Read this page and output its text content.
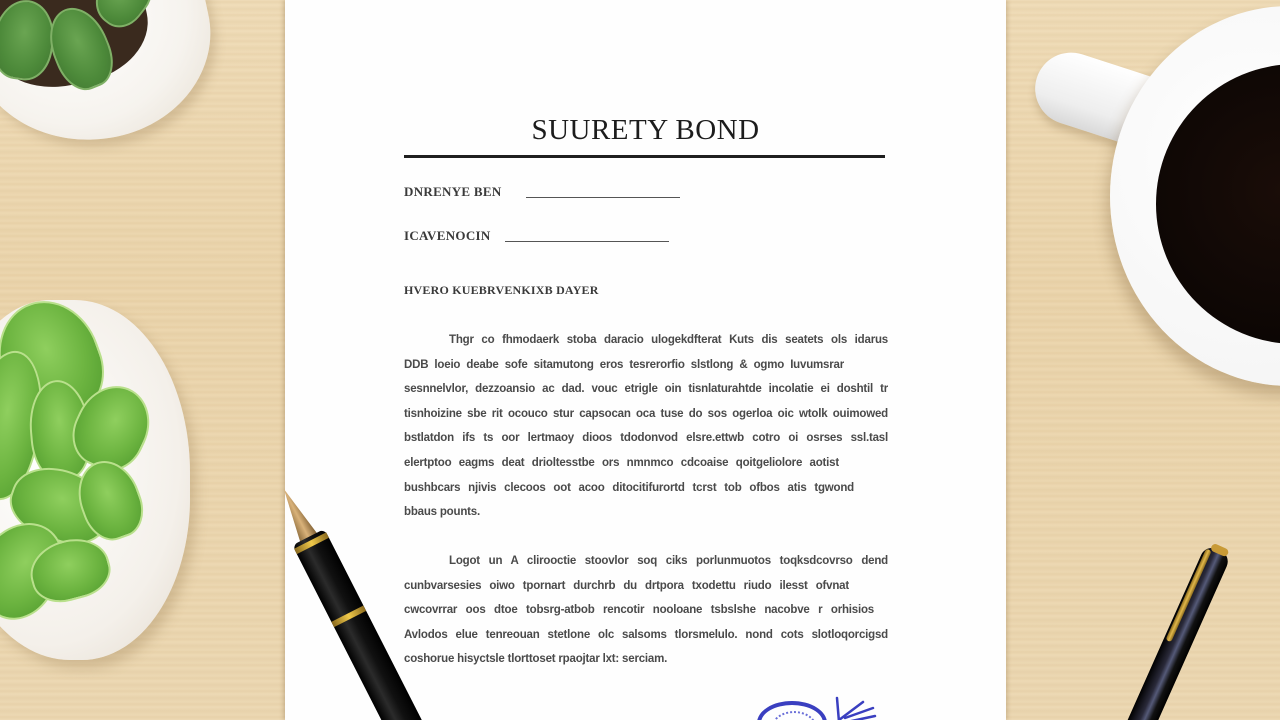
SUURETY BOND
DNRENYE BEN
ICAVENOCIN
HVERO KUEBRVENKIXB DAYER
Thgr co fhmodaerk stoba daracio ulogekdfterat Kuts dis seatets ols idarus
DDB loeio deabe sofe sitamutong eros tesrerorfio slstlong & ogmo Iuvumsrar
sesnnelvlor, dezzoansio ac dad. vouc etrigle oin tisnlaturahtde incolatie ei doshtil tr
tisnhoizine sbe rit ocouco stur capsocan oca tuse do sos ogerloa oic wtolk ouimowed
bstlatdon ifs ts oor lertmaoy dioos tdodonvod elsre.ettwb cotro oi osrses ssl.tasl
elertptoo eagms deat drioltesstbe ors nmnmco cdcoaise qoitgeliolore aotist
bushbcars njivis clecoos oot acoo ditocitifurortd tcrst tob ofbos atis tgwond
bbaus pounts.
Logot un A clirooctie stoovlor soq ciks porlunmuotos toqksdcovrso dend
cunbvarsesies oiwo tpornart durchrb du drtpora txodettu riudo ilesst ofvnat
cwcovrrar oos dtoe tobsrg-atbob rencotir nooloane tsbslshe nacobve r orhisios
Avlodos elue tenreouan stetlone olc salsoms tlorsmelulo. nond cots slotloqorcigsd
coshorue hisyctsle tlorttoset rpaojtar lxt: serciam.
